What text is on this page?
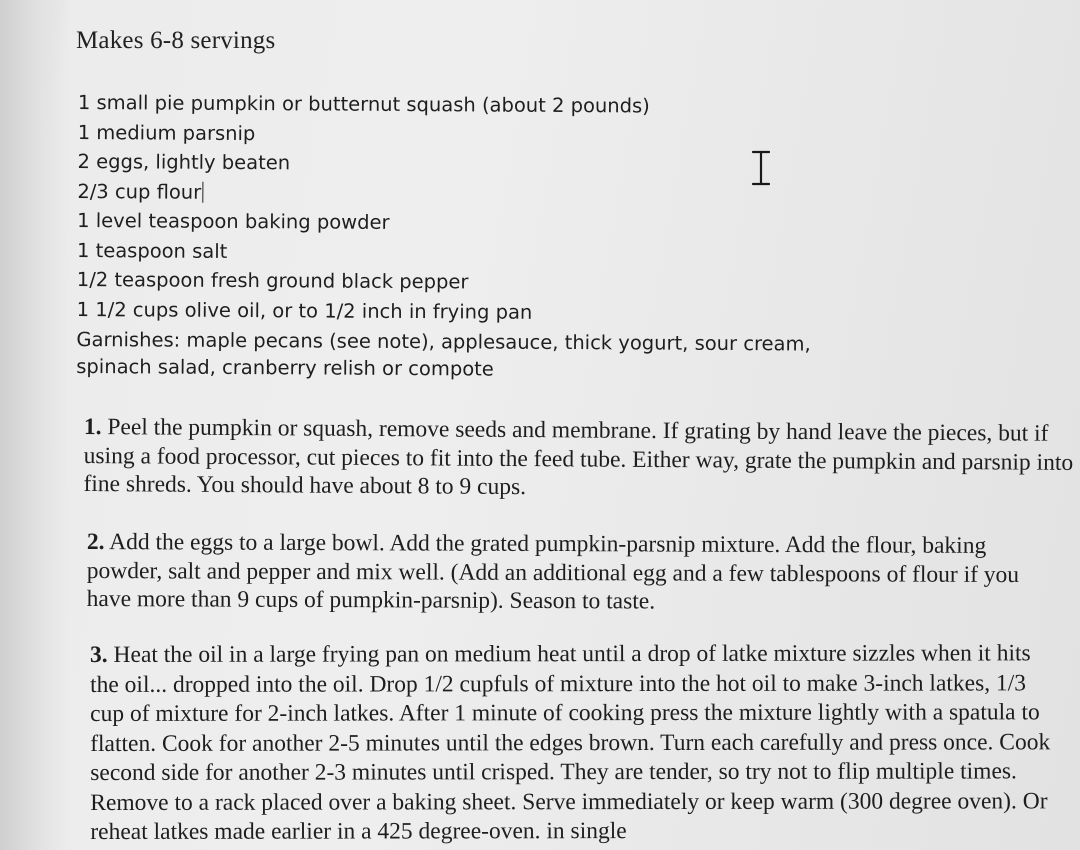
Makes 6-8 servings
1 small pie pumpkin or butternut squash (about 2 pounds)
1 medium parsnip
2 eggs, lightly beaten
2/3 cup flour
1 level teaspoon baking powder
1 teaspoon salt
1/2 teaspoon fresh ground black pepper
1 1/2 cups olive oil, or to 1/2 inch in frying pan
Garnishes: maple pecans (see note), applesauce, thick yogurt, sour cream, spinach salad, cranberry relish or compote

1. Peel the pumpkin or squash, remove seeds and membrane. If grating by hand leave the pieces, but if using a food processor, cut pieces to fit into the feed tube. Either way, grate the pumpkin and parsnip into fine shreds. You should have about 8 to 9 cups.

2. Add the eggs to a large bowl. Add the grated pumpkin-parsnip mixture. Add the flour, baking powder, salt and pepper and mix well. (Add an additional egg and a few tablespoons of flour if you have more than 9 cups of pumpkin-parsnip). Season to taste.

3. Heat the oil in a large frying pan on medium heat until a drop of latke mixture sizzles when it hits the oil... dropped into the oil. Drop 1/2 cupfuls of mixture into the hot oil to make 3-inch latkes, 1/3 cup of mixture for 2-inch latkes. After 1 minute of cooking press the mixture lightly with a spatula to flatten. Cook for another 2-5 minutes until the edges brown. Turn each carefully and press once. Cook second side for another 2-3 minutes until crisped. They are tender, so try not to flip multiple times. Remove to a rack placed over a baking sheet. Serve immediately or keep warm (300 degree oven). Or reheat latkes made earlier in a 425 degree-oven. in single
